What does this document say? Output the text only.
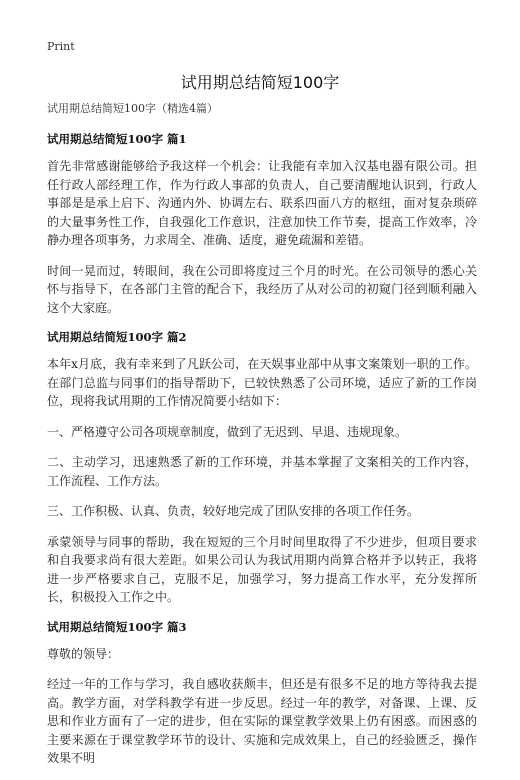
Print
试用期总结简短100字
试用期总结简短100字（精选4篇）
试用期总结简短100字 篇1

首先非常感谢能够给予我这样一个机会：让我能有幸加入汉基电器有限公司。担任行政人部经理工作，作为行政人事部的负责人，自己要清醒地认识到，行政人事部是是承上启下、沟通内外、协调左右、联系四面八方的枢纽，面对复杂琐碎的大量事务性工作，自我强化工作意识，注意加快工作节奏，提高工作效率，冷静办理各项事务，力求周全、准确、适度，避免疏漏和差错。

时间一晃而过，转眼间，我在公司即将度过三个月的时光。在公司领导的悉心关怀与指导下，在各部门主管的配合下，我经历了从对公司的初窥门径到顺利融入这个大家庭。

试用期总结简短100字 篇2

本年x月底，我有幸来到了凡跃公司，在天娱事业部中从事文案策划一职的工作。在部门总监与同事们的指导帮助下，已较快熟悉了公司环境，适应了新的工作岗位，现将我试用期的工作情况简要小结如下：

一、严格遵守公司各项规章制度，做到了无迟到、早退、违规现象。

二、主动学习，迅速熟悉了新的工作环境，并基本掌握了文案相关的工作内容，工作流程、工作方法。

三、工作积极、认真、负责，较好地完成了团队安排的各项工作任务。

承蒙领导与同事的帮助，我在短短的三个月时间里取得了不少进步，但项目要求和自我要求尚有很大差距。如果公司认为我试用期内尚算合格并予以转正，我将进一步严格要求自己，克服不足，加强学习，努力提高工作水平，充分发挥所长，积极投入工作之中。

试用期总结简短100字 篇3

尊敬的领导：

经过一年的工作与学习，我自感收获颇丰，但还是有很多不足的地方等待我去提高。教学方面，对学科教学有进一步反思。经过一年的教学，对备课、上课、反思和作业方面有了一定的进步，但在实际的课堂教学效果上仍有困惑。而困惑的主要来源在于课堂教学环节的设计、实施和完成效果上，自己的经验匮乏，操作效果不明
